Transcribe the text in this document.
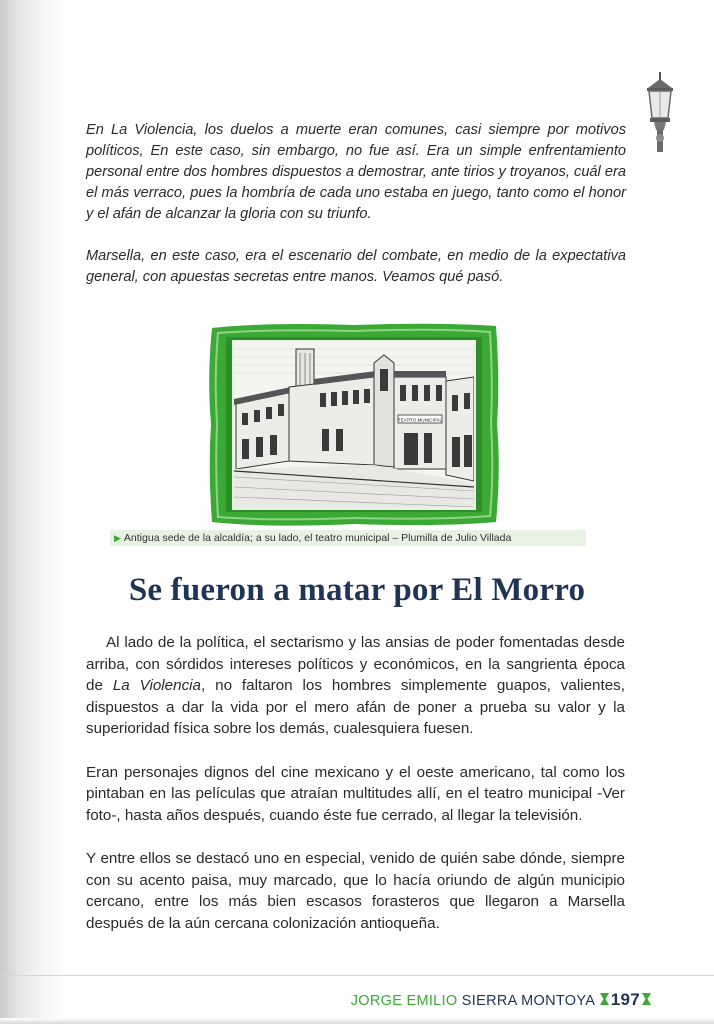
En La Violencia, los duelos a muerte eran comunes, casi siempre por motivos políticos, En este caso, sin embargo, no fue así. Era un simple enfrentamiento personal entre dos hombres dispuestos a demostrar, ante tirios y troyanos, cuál era el más verraco, pues la hombría de cada uno estaba en juego, tanto como el honor y el afán de alcanzar la gloria con su triunfo.

Marsella, en este caso, era el escenario del combate, en medio de la expectativa general, con apuestas secretas entre manos. Veamos qué pasó.

TEATRO MUNICIPAL
▶ Antigua sede de la alcaldía; a su lado, el teatro municipal – Plumilla de Julio Villada
Se fueron a matar por El Morro

Al lado de la política, el sectarismo y las ansias de poder fomentadas desde arriba, con sórdidos intereses políticos y económicos, en la sangrienta época de La Violencia, no faltaron los hombres simplemente guapos, valientes, dispuestos a dar la vida por el mero afán de poner a prueba su valor y la superioridad física sobre los demás, cualesquiera fuesen.

Eran personajes dignos del cine mexicano y el oeste americano, tal como los pintaban en las películas que atraían multitudes allí, en el teatro municipal -Ver foto-, hasta años después, cuando éste fue cerrado, al llegar la televisión.

Y entre ellos se destacó uno en especial, venido de quién sabe dónde, siempre con su acento paisa, muy marcado, que lo hacía oriundo de algún municipio cercano, entre los más bien escasos forasteros que llegaron a Marsella después de la aún cercana colonización antioqueña.

JORGE EMILIO SIERRA MONTOYA 197
